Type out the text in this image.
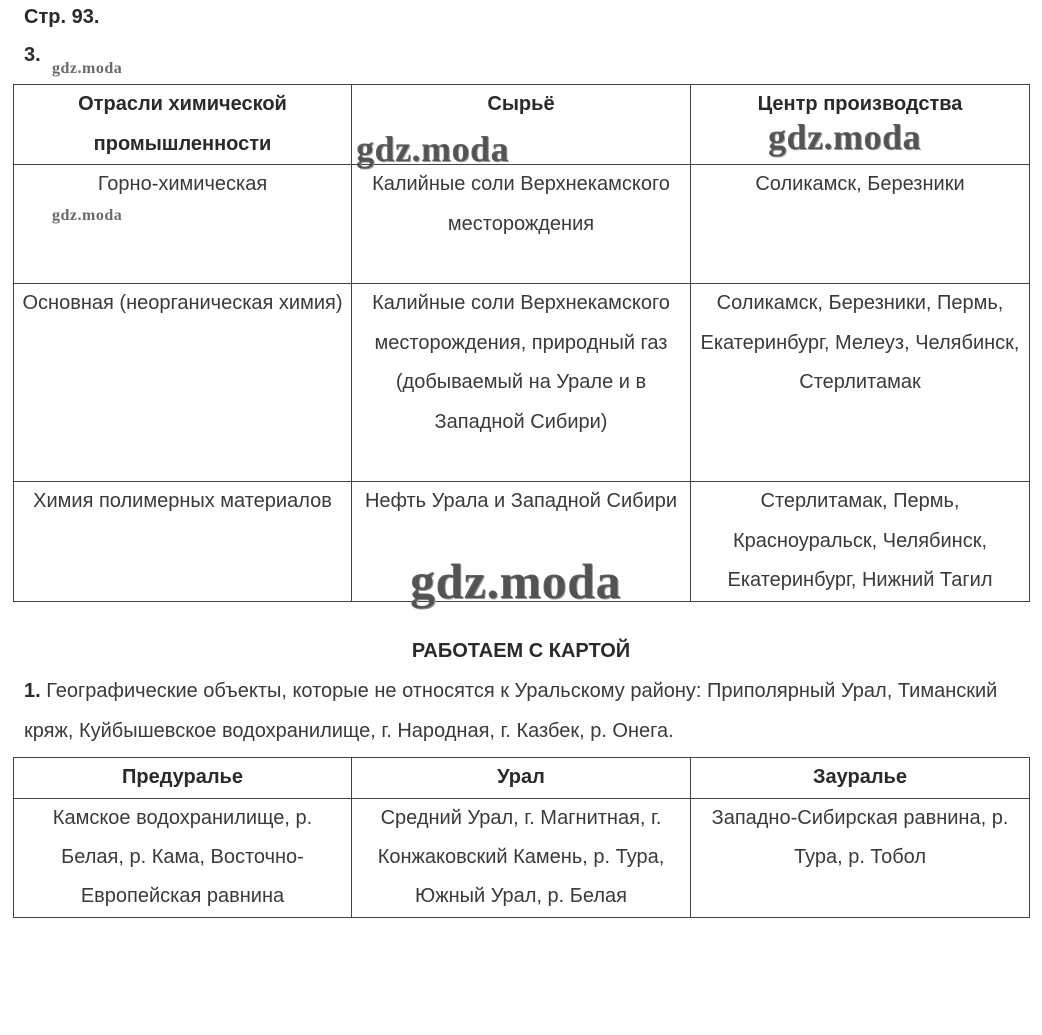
Стр. 93.
3.
Отрасли химической промышленности	Сырьё	Центр производства
Горно-химическая	Калийные соли Верхнекамского месторождения	Соликамск, Березники
Основная (неорганическая химия)	Калийные соли Верхнекамского месторождения, природный газ (добываемый на Урале и в Западной Сибири)	Соликамск, Березники, Пермь, Екатеринбург, Мелеуз, Челябинск, Стерлитамак
Химия полимерных материалов	Нефть Урала и Западной Сибири	Стерлитамак, Пермь, Красноуральск, Челябинск, Екатеринбург, Нижний Тагил
РАБОТАЕМ С КАРТОЙ
1. Географические объекты, которые не относятся к Уральскому району: Приполярный Урал, Тиманский кряж, Куйбышевское водохранилище, г. Народная, г. Казбек, р. Онега.
Предуралье	Урал	Зауралье
Камское водохранилище, р. Белая, р. Кама, Восточно-Европейская равнина	Средний Урал, г. Магнитная, г. Конжаковский Камень, р. Тура, Южный Урал, р. Белая	Западно-Сибирская равнина, р. Тура, р. Тобол
gdz.moda
gdz.moda	gdz.moda
gdz.moda
gdz.moda
